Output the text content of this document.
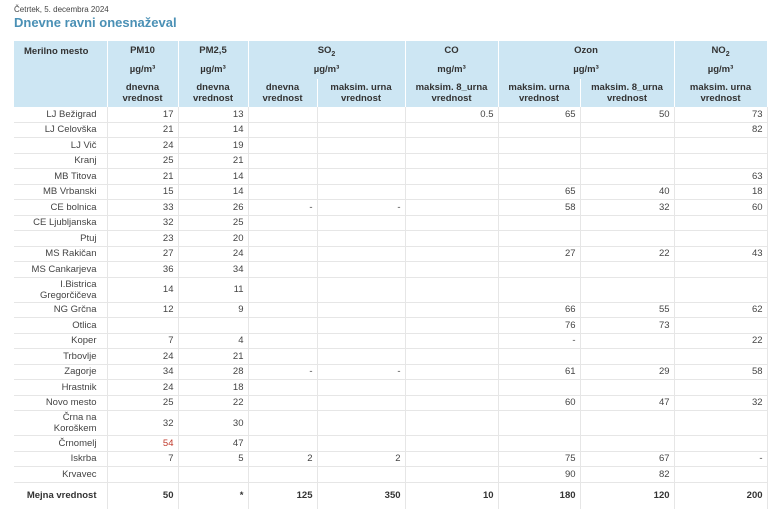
Četrtek, 5. decembra 2024
Dnevne ravni onesnaževal
Merilno mesto	PM10	PM2,5	$SO_2$		CO	Ozon		$NO_2$
	µg/m³	µg/m³	µg/m³		mg/m³	µg/m³		µg/m³
	dnevna vrednost	dnevna vrednost	dnevna vrednost	maksim. urna vrednost	maksim. 8_urna vrednost	maksim. urna vrednost	maksim. 8_urna vrednost	maksim. urna vrednost
LJ Bežigrad	17	13			0.5	65	50	73
LJ Celovška	21	14						82
LJ Vič	24	19						
Kranj	25	21						
MB Titova	21	14						63
MB Vrbanski	15	14				65	40	18
CE bolnica	33	26	-	-		58	32	60
CE Ljubljanska	32	25						
Ptuj	23	20						
MS Rakičan	27	24				27	22	43
MS Cankarjeva	36	34						
I.Bistrica Gregorčičeva	14	11						
NG Grčna	12	9				66	55	62
Otlica						76	73	
Koper	7	4				-		22
Trbovlje	24	21						
Zagorje	34	28	-	-		61	29	58
Hrastnik	24	18						
Novo mesto	25	22				60	47	32
Črna na Koroškem	32	30						
Črnomelj	54	47						
Iskrba	7	5	2	2		75	67	-
Krvavec						90	82	
Mejna vrednost	50	*	125	350	10	180	120	200
